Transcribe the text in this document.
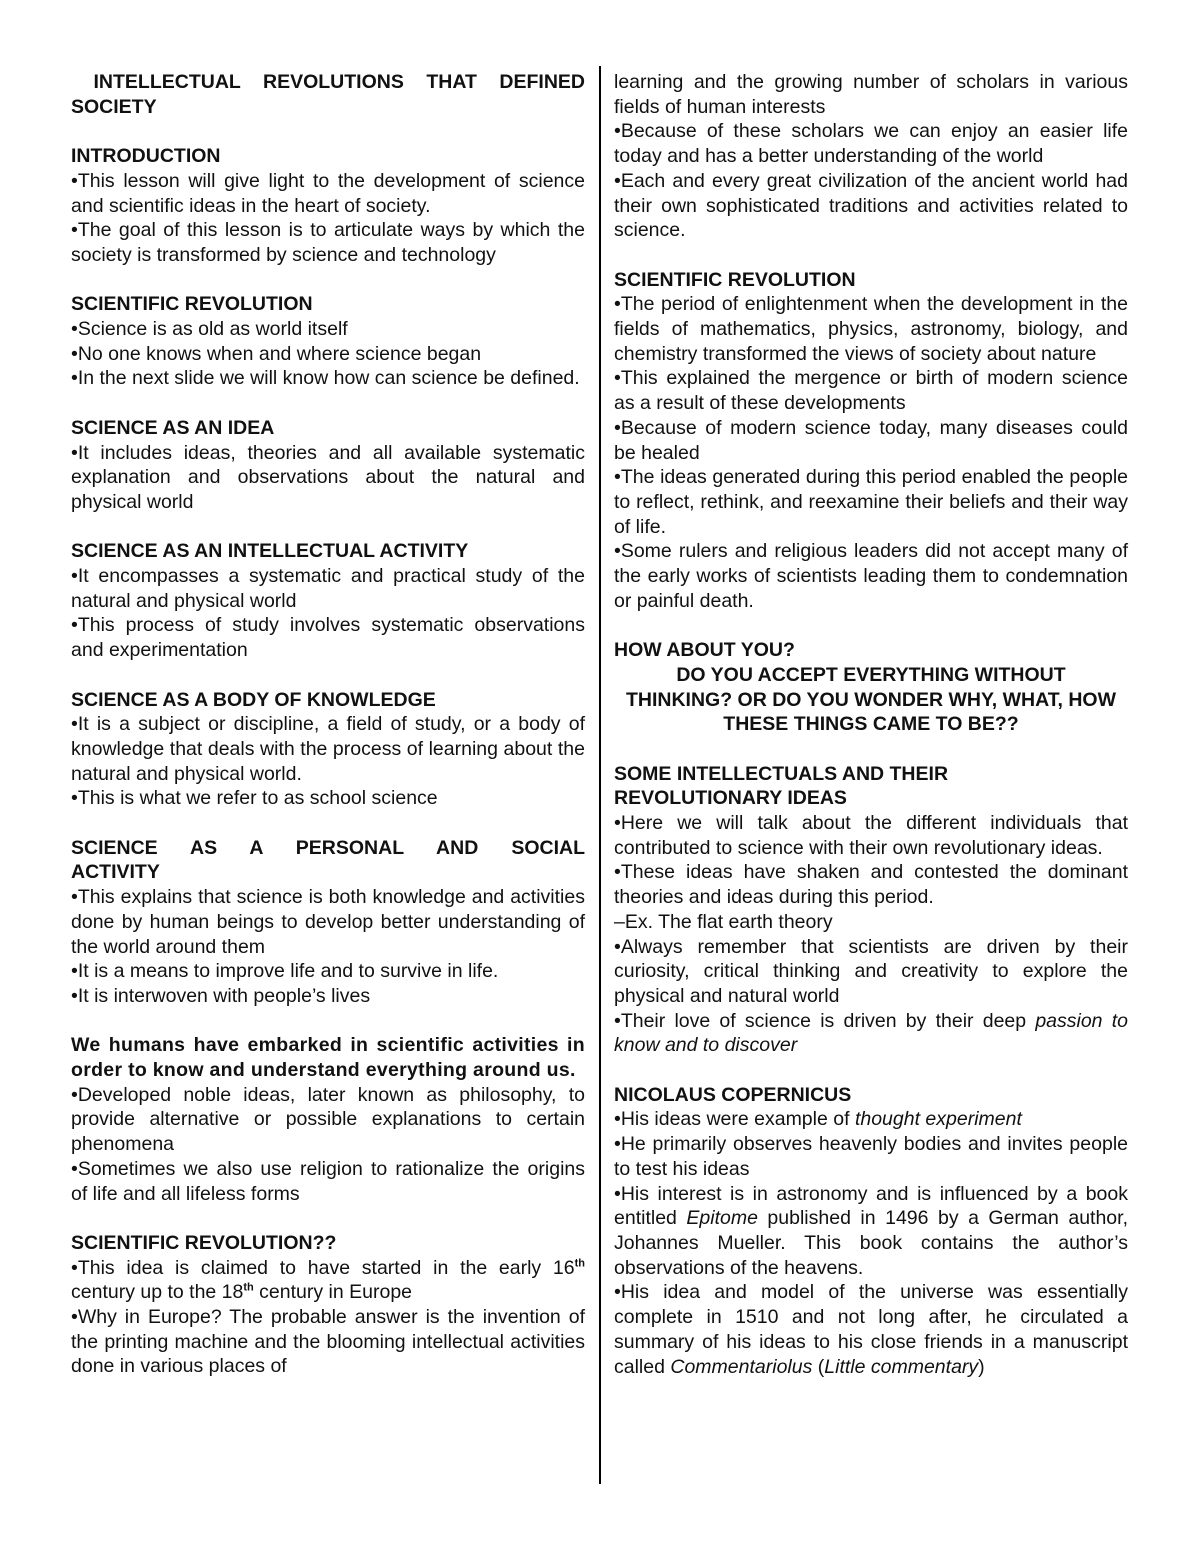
INTELLECTUAL REVOLUTIONS THAT DEFINED SOCIETY
INTRODUCTION

•This lesson will give light to the development of science and scientific ideas in the heart of society.

•The goal of this lesson is to articulate ways by which the society is transformed by science and technology

SCIENTIFIC REVOLUTION

•Science is as old as world itself

•No one knows when and where science began

•In the next slide we will know how can science be defined.

SCIENCE AS AN IDEA

•It includes ideas, theories and all available systematic explanation and observations about the natural and physical world

SCIENCE AS AN INTELLECTUAL ACTIVITY

•It encompasses a systematic and practical study of the natural and physical world

•This process of study involves systematic observations and experimentation

SCIENCE AS A BODY OF KNOWLEDGE

•It is a subject or discipline, a field of study, or a body of knowledge that deals with the process of learning about the natural and physical world.

•This is what we refer to as school science

SCIENCE AS A PERSONAL AND SOCIAL
ACTIVITY

•This explains that science is both knowledge and activities done by human beings to develop better understanding of the world around them

•It is a means to improve life and to survive in life.

•It is interwoven with people’s lives

We humans have embarked in scientific activities in order to know and understand everything around us.

•Developed noble ideas, later known as philosophy, to provide alternative or possible explanations to certain phenomena

•Sometimes we also use religion to rationalize the origins of life and all lifeless forms

SCIENTIFIC REVOLUTION??

•This idea is claimed to have started in the early 16th century up to the 18th century in Europe

•Why in Europe? The probable answer is the invention of the printing machine and the blooming intellectual activities done in various places of

learning and the growing number of scholars in various fields of human interests

•Because of these scholars we can enjoy an easier life today and has a better understanding of the world

•Each and every great civilization of the ancient world had their own sophisticated traditions and activities related to science.

SCIENTIFIC REVOLUTION

•The period of enlightenment when the development in the fields of mathematics, physics, astronomy, biology, and chemistry transformed the views of society about nature

•This explained the mergence or birth of modern science as a result of these developments

•Because of modern science today, many diseases could be healed

•The ideas generated during this period enabled the people to reflect, rethink, and reexamine their beliefs and their way of life.

•Some rulers and religious leaders did not accept many of the early works of scientists leading them to condemnation or painful death.

HOW ABOUT YOU?
DO YOU ACCEPT EVERYTHING WITHOUT THINKING? OR DO YOU WONDER WHY, WHAT, HOW THESE THINGS CAME TO BE??
SOME INTELLECTUALS AND THEIR
REVOLUTIONARY IDEAS

•Here we will talk about the different individuals that contributed to science with their own revolutionary ideas.

•These ideas have shaken and contested the dominant theories and ideas during this period.

–Ex. The flat earth theory

•Always remember that scientists are driven by their curiosity, critical thinking and creativity to explore the physical and natural world

•Their love of science is driven by their deep passion to know and to discover

NICOLAUS COPERNICUS

•His ideas were example of thought experiment

•He primarily observes heavenly bodies and invites people to test his ideas

•His interest is in astronomy and is influenced by a book entitled Epitome published in 1496 by a German author, Johannes Mueller. This book contains the author’s observations of the heavens.

•His idea and model of the universe was essentially complete in 1510 and not long after, he circulated a summary of his ideas to his close friends in a manuscript called Commentariolus (Little commentary)
